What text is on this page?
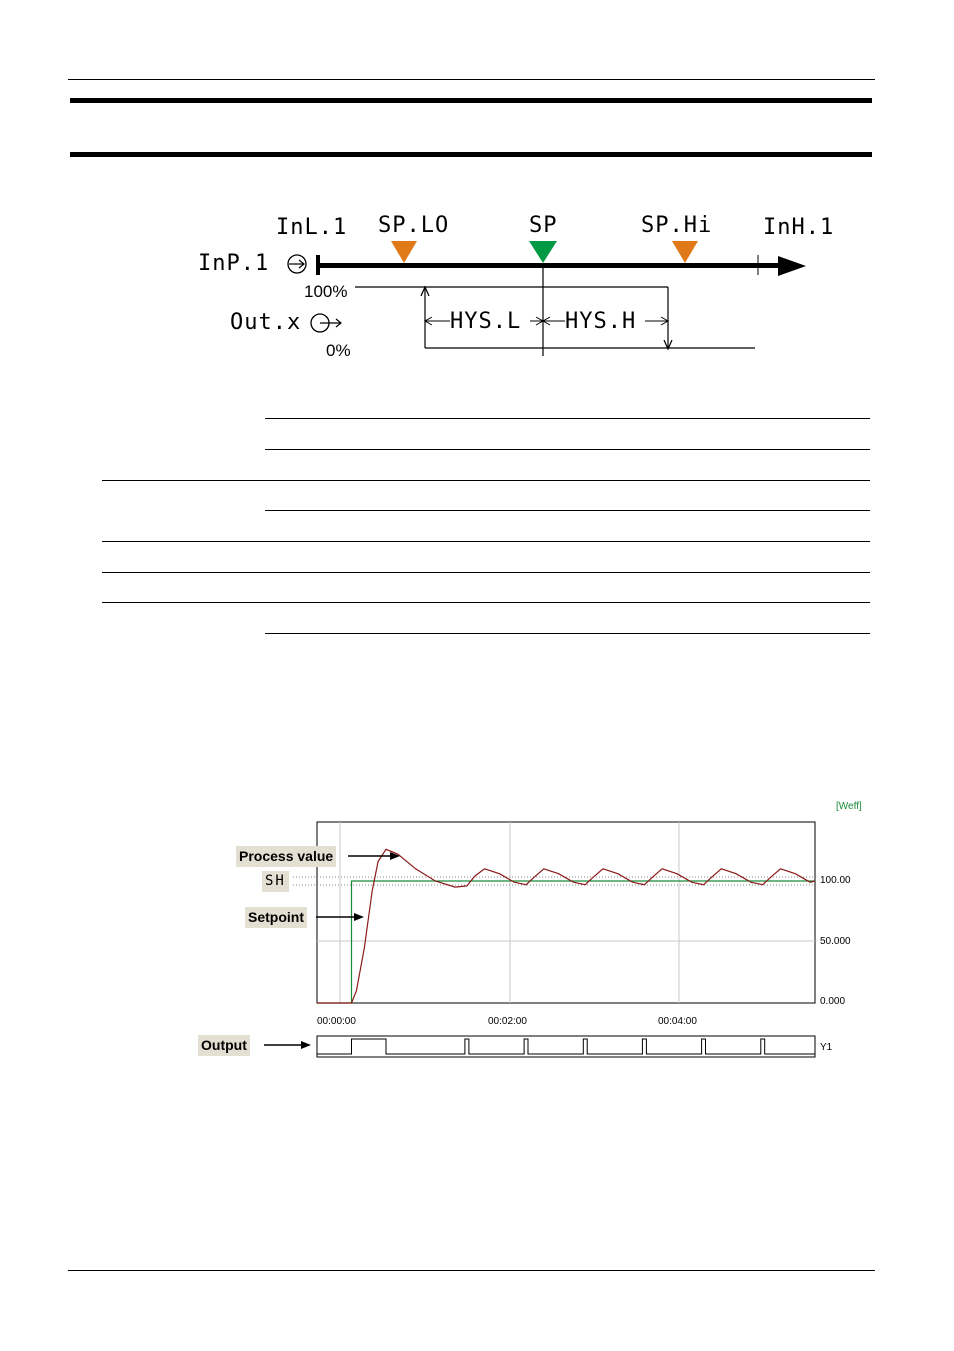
InL.1 SP.LO	SP	SP.Hi InH.1
InP.1
Out.x
100%
0%
HYS.L HYS.H
[Weff]
100.00
50.000
0.000
00:00:00	00:02:00	00:04:00
Y1
Process value
SH
Setpoint
Output
